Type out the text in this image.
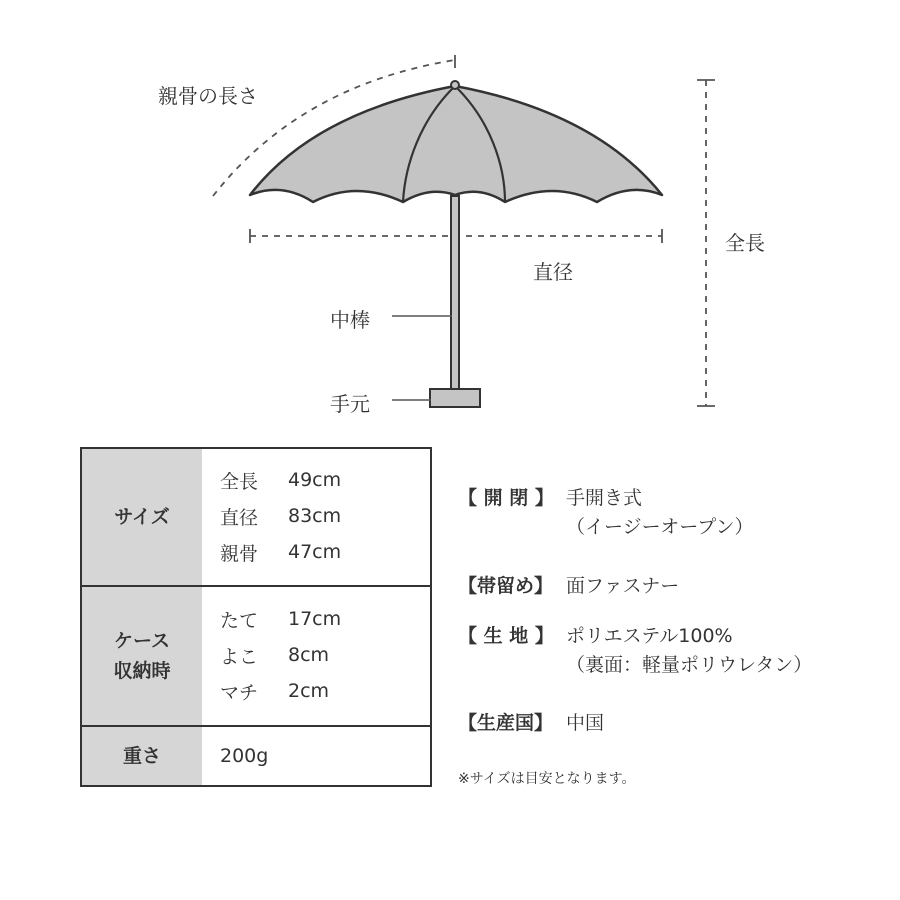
親骨の長さ
直径
全長
中棒
手元
サイズ
全長	49cm
直径	83cm
親骨	47cm
ケース
収納時
たて	17cm
よこ	8cm
マチ	2cm
重さ	200g
【 開 閉 】 手開き式
（イージーオープン）
【帯留め】 面ファスナー
【 生 地 】 ポリエステル100%
（裏面：軽量ポリウレタン）
【生産国】 中国
※サイズは目安となります。
